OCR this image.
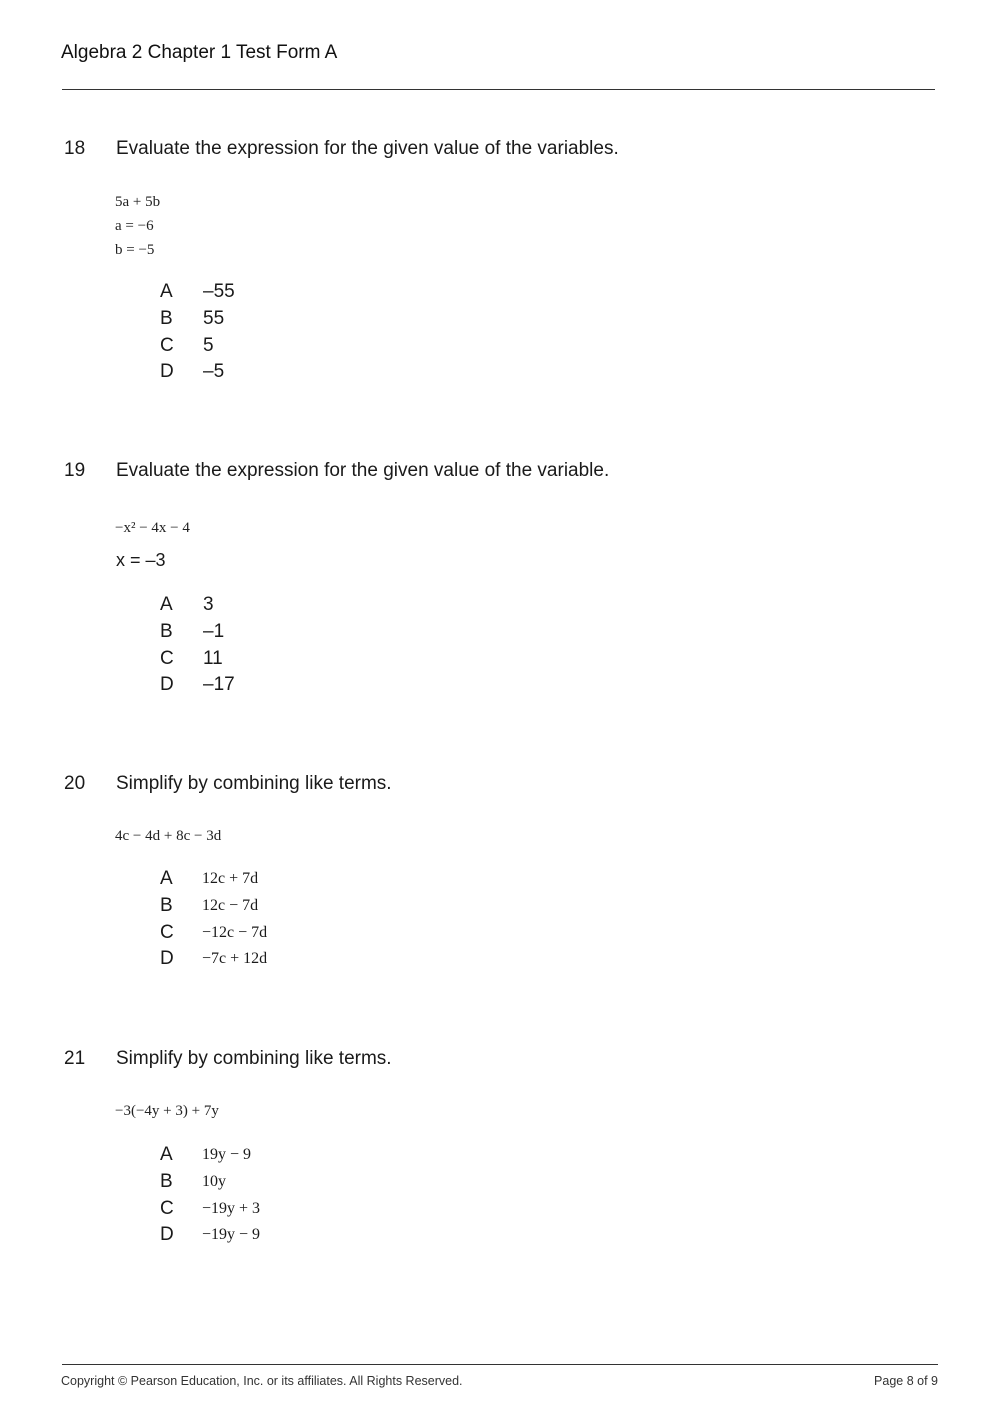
Algebra 2 Chapter 1 Test Form A
18 Evaluate the expression for the given value of the variables.
5a + 5b
a = −6
b = −5
A	–55
B	55
C	5
D	–5
19 Evaluate the expression for the given value of the variable.
−x² − 4x − 4
x = –3
A	3
B	–1
C	11
D	–17
20 Simplify by combining like terms.
4c − 4d + 8c − 3d
A	12c + 7d
B	12c − 7d
C	−12c − 7d
D	−7c + 12d
21 Simplify by combining like terms.
−3(−4y + 3) + 7y
A	19y − 9
B	10y
C	−19y + 3
D	−19y − 9
Copyright © Pearson Education, Inc. or its affiliates. All Rights Reserved.	Page 8 of 9
